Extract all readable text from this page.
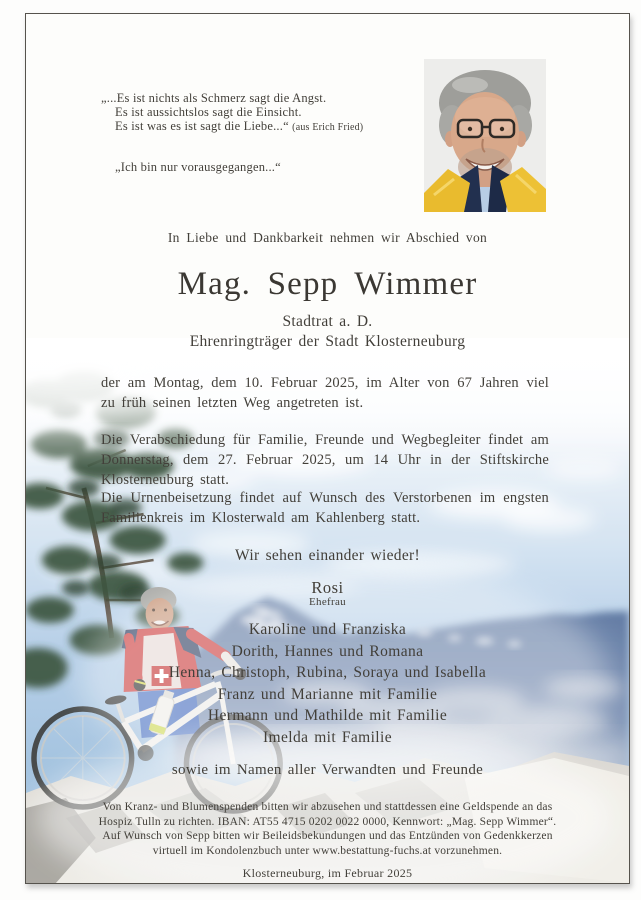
„...Es ist nichts als Schmerz sagt die Angst.
Es ist aussichtslos sagt die Einsicht.
Es ist was es ist sagt die Liebe...“ (aus Erich Fried)
„Ich bin nur vorausgegangen...“
In Liebe und Dankbarkeit nehmen wir Abschied von
Mag. Sepp Wimmer
Stadtrat a. D.
Ehrenringträger der Stadt Klosterneuburg
der am Montag, dem 10. Februar 2025, im Alter von 67 Jahren viel zu früh seinen letzten Weg angetreten ist.
Die Verabschiedung für Familie, Freunde und Wegbegleiter findet am Donnerstag, dem 27. Februar 2025, um 14 Uhr in der Stiftskirche Klosterneuburg statt.
Die Urnenbeisetzung findet auf Wunsch des Verstorbenen im engsten Familienkreis im Klosterwald am Kahlenberg statt.
Wir sehen einander wieder!
Rosi
Ehefrau
Karoline und Franziska
Dorith, Hannes und Romana
Henna, Christoph, Rubina, Soraya und Isabella
Franz und Marianne mit Familie
Hermann und Mathilde mit Familie
Imelda mit Familie
sowie im Namen aller Verwandten und Freunde
Von Kranz- und Blumenspenden bitten wir abzusehen und stattdessen eine Geldspende an das
Hospiz Tulln zu richten. IBAN: AT55 4715 0202 0022 0000, Kennwort: „Mag. Sepp Wimmer“.
Auf Wunsch von Sepp bitten wir Beileidsbekundungen und das Entzünden von Gedenkkerzen
virtuell im Kondolenzbuch unter www.bestattung-fuchs.at vorzunehmen.
Klosterneuburg, im Februar 2025
